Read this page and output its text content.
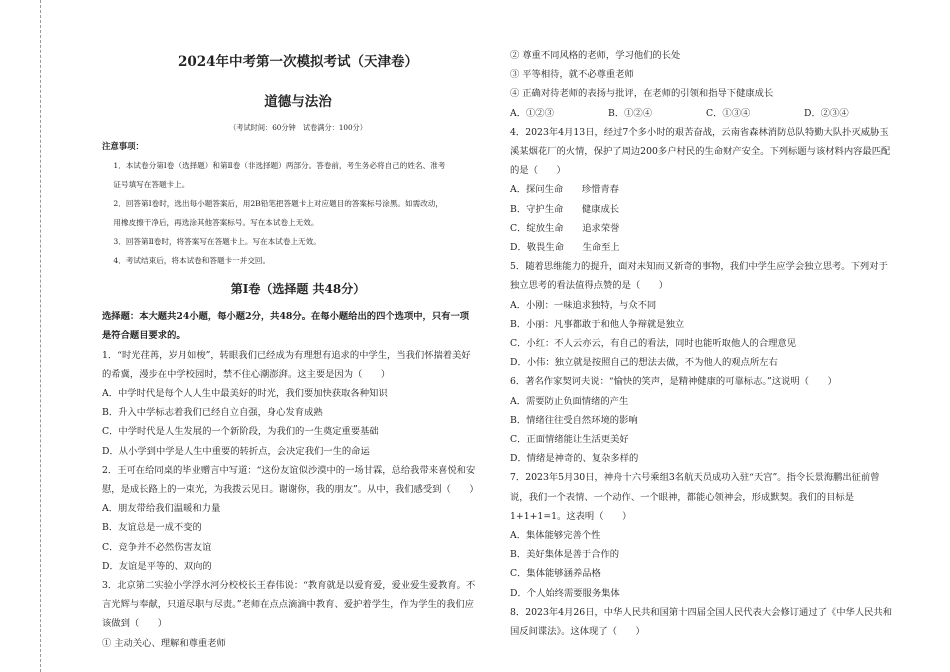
2024年中考第一次模拟考试（天津卷）

道德与法治

（考试时间：60分钟　试卷满分：100分）

注意事项：

1．本试卷分第Ⅰ卷（选择题）和第Ⅱ卷（非选择题）两部分。答卷前，考生务必将自己的姓名、准考

证号填写在答题卡上。

2．回答第Ⅰ卷时，选出每小题答案后，用2B铅笔把答题卡上对应题目的答案标号涂黑。如需改动，

用橡皮擦干净后，再选涂其他答案标号。写在本试卷上无效。

3．回答第Ⅱ卷时，将答案写在答题卡上。写在本试卷上无效。

4．考试结束后，将本试卷和答题卡一并交回。

第Ⅰ卷（选择题 共48分）

选择题：本大题共24小题，每小题2分，共48分。在每小题给出的四个选项中，只有一项

是符合题目要求的。

1．“时光荏苒，岁月如梭”，转眼我们已经成为有理想有追求的中学生，当我们怀揣着美好

的希冀，漫步在中学校园时，禁不住心潮澎湃。这主要是因为（　　）

A．中学时代是每个人人生中最美好的时光，我们要加快获取各种知识

B．升入中学标志着我们已经自立自强，身心发育成熟

C．中学时代是人生发展的一个新阶段，为我们的一生奠定重要基础

D．从小学到中学是人生中重要的转折点，会决定我们一生的命运

2．王可在给同桌的毕业赠言中写道：“这份友谊似沙漠中的一场甘霖，总给我带来喜悦和安

慰，是成长路上的一束光，为我拨云见日。谢谢你，我的朋友”。从中，我们感受到（　　）

A．朋友带给我们温暖和力量

B．友谊总是一成不变的

C．竞争并不必然伤害友谊

D．友谊是平等的、双向的

3．北京第二实验小学浮水河分校校长王春伟说：“教育就是以爱育爱，爱业爱生爱教育。不

言光辉与奉献，只道尽职与尽责。”老师在点点滴滴中教育、爱护着学生，作为学生的我们应

该做到（　　）

① 主动关心、理解和尊重老师

② 尊重不同风格的老师，学习他们的长处

③ 平等相待，就不必尊重老师

④ 正确对待老师的表扬与批评，在老师的引领和指导下健康成长

A．①②③	B．①②④	C．①③④	D．②③④

4．2023年4月13日，经过7个多小时的艰苦奋战，云南省森林消防总队特勤大队扑灭威胁玉

溪某烟花厂的火情，保护了周边200多户村民的生命财产安全。下列标题与该材料内容最匹配

的是（　　）

A．探问生命　　珍惜青春

B．守护生命　　健康成长

C．绽放生命　　追求荣誉

D．敬畏生命　　生命至上

5．随着思维能力的提升，面对未知而又新奇的事物，我们中学生应学会独立思考。下列对于

独立思考的看法值得点赞的是（　　）

A．小刚：一味追求独特，与众不同

B．小丽：凡事都敢于和他人争辩就是独立

C．小红：不人云亦云，有自己的看法，同时也能听取他人的合理意见

D．小伟：独立就是按照自己的想法去做，不为他人的观点所左右

6．著名作家契诃夫说：“愉快的笑声，是精神健康的可靠标志。”这说明（　　）

A．需要防止负面情绪的产生

B．情绪往往受自然环境的影响

C．正面情绪能让生活更美好

D．情绪是神奇的、复杂多样的

7．2023年5月30日，神舟十六号乘组3名航天员成功入驻“天宫”。指令长景海鹏出征前曾

说，我们一个表情、一个动作、一个眼神，都能心领神会，形成默契。我们的目标是

1+1+1=1。这表明（　　）

A．集体能够完善个性

B．美好集体是善于合作的

C．集体能够涵养品格

D．个人始终需要服务集体

8．2023年4月26日，中华人民共和国第十四届全国人民代表大会修订通过了《中华人民共和

国反间谍法》。这体现了（　　）
